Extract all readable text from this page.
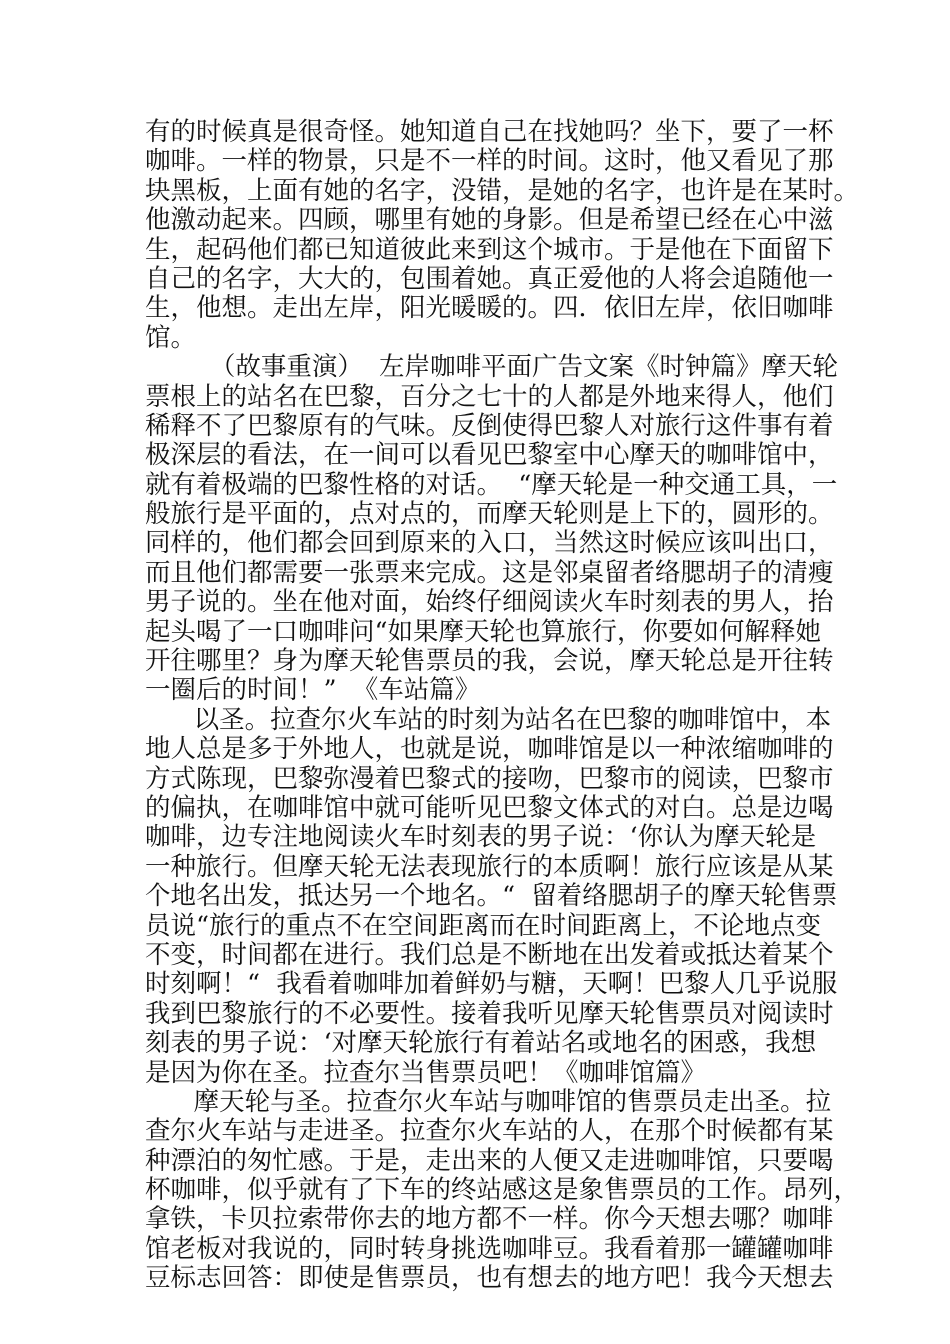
有的时候真是很奇怪。她知道自己在找她吗？坐下，要了一杯
咖啡。一样的物景，只是不一样的时间。这时，他又看见了那
块黑板，上面有她的名字，没错，是她的名字，也许是在某时。
他激动起来。四顾，哪里有她的身影。但是希望已经在心中滋
生，起码他们都已知道彼此来到这个城市。于是他在下面留下
自己的名字，大大的，包围着她。真正爱他的人将会追随他一
生，他想。走出左岸，阳光暖暖的。四．依旧左岸，依旧咖啡
馆。
（故事重演）  左岸咖啡平面广告文案《时钟篇》摩天轮
票根上的站名在巴黎，百分之七十的人都是外地来得人，他们
稀释不了巴黎原有的气味。反倒使得巴黎人对旅行这件事有着
极深层的看法，在一间可以看见巴黎室中心摩天的咖啡馆中，
就有着极端的巴黎性格的对话。  “摩天轮是一种交通工具，一
般旅行是平面的，点对点的，而摩天轮则是上下的，圆形的。
同样的，他们都会回到原来的入口，当然这时候应该叫出口，
而且他们都需要一张票来完成。这是邻桌留者络腮胡子的清瘦
男子说的。坐在他对面，始终仔细阅读火车时刻表的男人，抬
起头喝了一口咖啡问“如果摩天轮也算旅行，你要如何解释她
开往哪里？身为摩天轮售票员的我，会说，摩天轮总是开往转
一圈后的时间！”  《车站篇》
以圣。拉查尔火车站的时刻为站名在巴黎的咖啡馆中，本
地人总是多于外地人，也就是说，咖啡馆是以一种浓缩咖啡的
方式陈现，巴黎弥漫着巴黎式的接吻，巴黎市的阅读，巴黎市
的偏执，在咖啡馆中就可能听见巴黎文体式的对白。总是边喝
咖啡，边专注地阅读火车时刻表的男子说：‘你认为摩天轮是
一种旅行。但摩天轮无法表现旅行的本质啊！旅行应该是从某
个地名出发，抵达另一个地名。“  留着络腮胡子的摩天轮售票
员说“旅行的重点不在空间距离而在时间距离上，不论地点变
不变，时间都在进行。我们总是不断地在出发着或抵达着某个
时刻啊！“  我看着咖啡加着鲜奶与糖，天啊！巴黎人几乎说服
我到巴黎旅行的不必要性。接着我听见摩天轮售票员对阅读时
刻表的男子说：‘对摩天轮旅行有着站名或地名的困惑，我想
是因为你在圣。拉查尔当售票员吧！《咖啡馆篇》
摩天轮与圣。拉查尔火车站与咖啡馆的售票员走出圣。拉
查尔火车站与走进圣。拉查尔火车站的人，在那个时候都有某
种漂泊的匆忙感。于是，走出来的人便又走进咖啡馆，只要喝
杯咖啡，似乎就有了下车的终站感这是象售票员的工作。昂列，
拿铁，卡贝拉索带你去的地方都不一样。你今天想去哪？咖啡
馆老板对我说的，同时转身挑选咖啡豆。我看着那一罐罐咖啡
豆标志回答：即使是售票员，也有想去的地方吧！我今天想去
